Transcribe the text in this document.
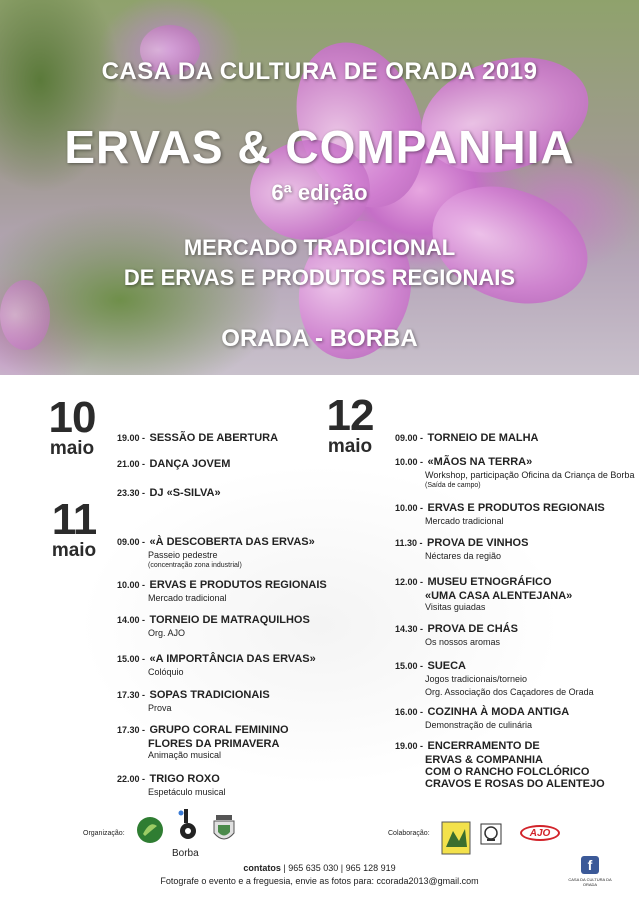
CASA DA CULTURA DE ORADA 2019
ERVAS & COMPANHIA
6ª edição
MERCADO TRADICIONAL
DE ERVAS E PRODUTOS REGIONAIS
ORADA - BORBA
10
maio
11
maio
12
maio
19.00 - SESSÃO DE ABERTURA
21.00 - DANÇA JOVEM
23.30 - DJ «S-SILVA»
09.00 - «À DESCOBERTA DAS ERVAS»
Passeio pedestre
(concentração zona industrial)
10.00 - ERVAS E PRODUTOS REGIONAIS
Mercado tradicional
14.00 - TORNEIO DE MATRAQUILHOS
Org. AJO
15.00 - «A IMPORTÂNCIA DAS ERVAS»
Colóquio
17.30 - SOPAS TRADICIONAIS
Prova
17.30 - GRUPO CORAL FEMININO
FLORES DA PRIMAVERA
Animação musical
22.00 - TRIGO ROXO
Espetáculo musical
09.00 - TORNEIO DE MALHA
10.00 - «MÃOS NA TERRA»
Workshop, participação Oficina da Criança de Borba
(Saída de campo)
10.00 - ERVAS E PRODUTOS REGIONAIS
Mercado tradicional
11.30 - PROVA DE VINHOS
Néctares da região
12.00 - MUSEU ETNOGRÁFICO
«UMA CASA ALENTEJANA»
Visitas guiadas
14.30 - PROVA DE CHÁS
Os nossos aromas
15.00 - SUECA
Jogos tradicionais/torneio
Org. Associação dos Caçadores de Orada
16.00 - COZINHA À MODA ANTIGA
Demonstração de culinária
19.00 - ENCERRAMENTO DE
ERVAS & COMPANHIA
COM O RANCHO FOLCLÓRICO
CRAVOS E ROSAS DO ALENTEJO
Organização:
Borba
Colaboração:	AJO
contatos | 965 635 030 | 965 128 919
Fotografe o evento e a freguesia, envie as fotos para: ccorada2013@gmail.com
f
CASA DA CULTURA DA ORADA
